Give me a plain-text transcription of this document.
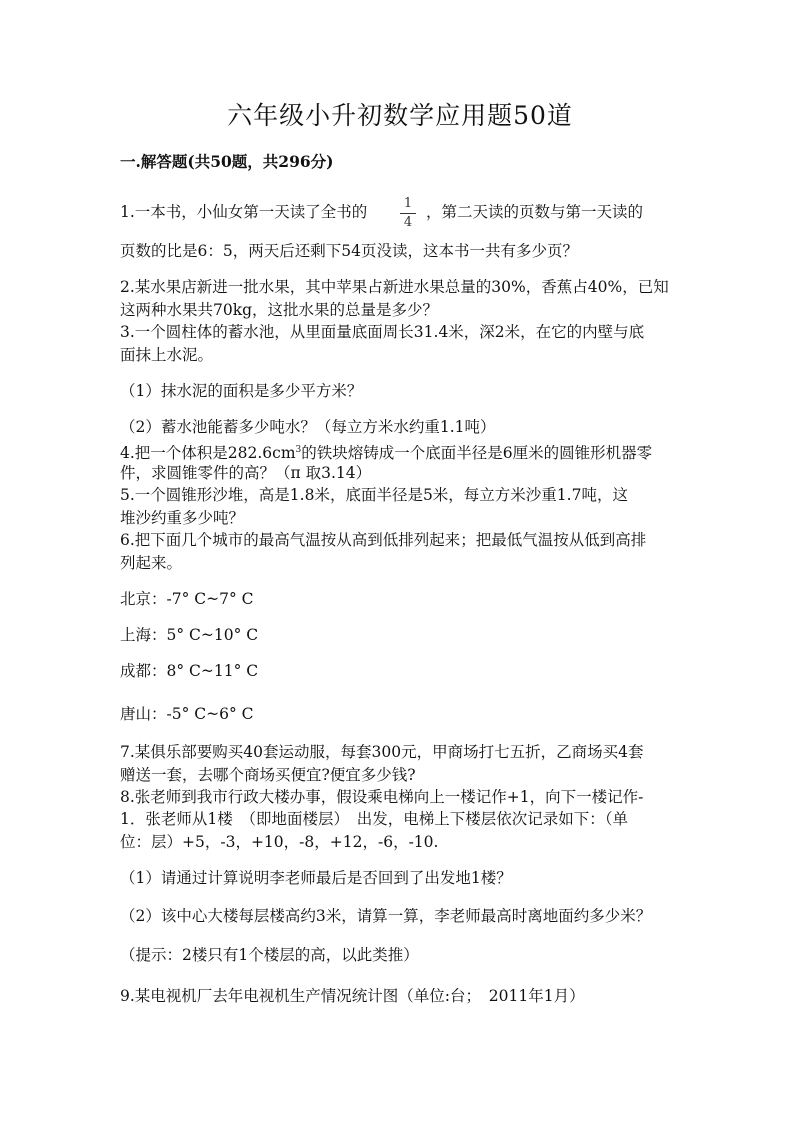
六年级小升初数学应用题50道
一.解答题(共50题，共296分)
1.一本书，小仙女第一天读了全书的	1
4
，第二天读的页数与第一天读的
页数的比是6：5，两天后还剩下54页没读，这本书一共有多少页？
2.某水果店新进一批水果，其中苹果占新进水果总量的30%，香蕉占40%，已知
这两种水果共70kg，这批水果的总量是多少？
3.一个圆柱体的蓄水池，从里面量底面周长31.4米，深2米，在它的内壁与底
面抹上水泥。
（1）抹水泥的面积是多少平方米？
（2）蓄水池能蓄多少吨水？（每立方米水约重1.1吨）
4.把一个体积是$282.6cm^3$的铁块熔铸成一个底面半径是6厘米的圆锥形机器零
件，求圆锥零件的高？（π 取3.14）
5.一个圆锥形沙堆，高是1.8米，底面半径是5米，每立方米沙重1.7吨，这
堆沙约重多少吨？
6.把下面几个城市的最高气温按从高到低排列起来；把最低气温按从低到高排
列起来。
北京：-7° C~7° C
上海：5° C~10° C
成都：8° C~11° C
唐山：-5° C~6° C
7.某俱乐部要购买40套运动服，每套300元，甲商场打七五折，乙商场买4套
赠送一套，去哪个商场买便宜?便宜多少钱?
8.张老师到我市行政大楼办事，假设乘电梯向上一楼记作+1，向下一楼记作-
1．张老师从1楼　（即地面楼层）　出发，电梯上下楼层依次记录如下：（单
位：层）+5，-3，+10，-8，+12，-6，-10.
（1）请通过计算说明李老师最后是否回到了出发地1楼？
（2）该中心大楼每层楼高约3米，请算一算，李老师最高时离地面约多少米？
（提示：2楼只有1个楼层的高，以此类推）
9.某电视机厂去年电视机生产情况统计图（单位:台；　2011年1月）
